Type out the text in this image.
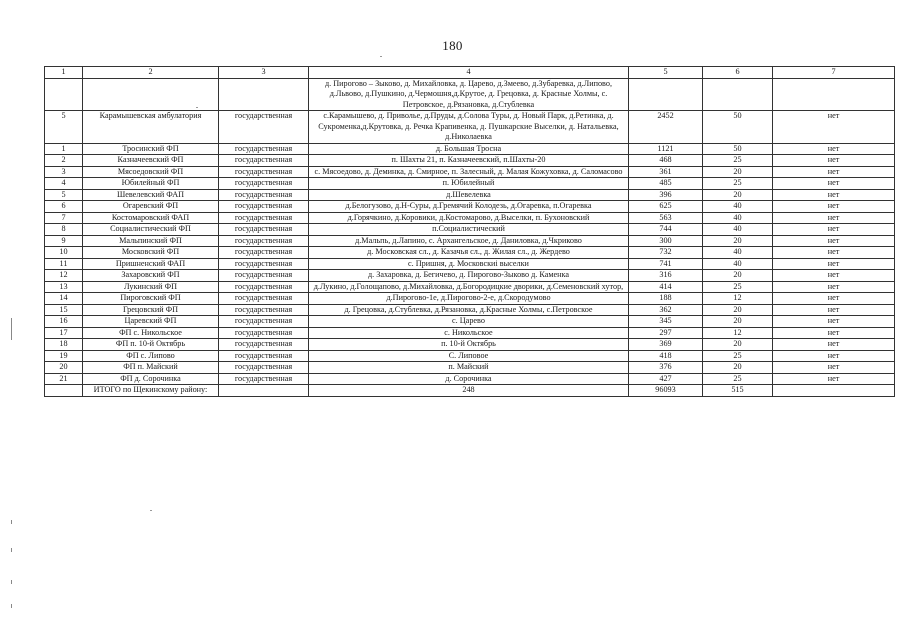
180
1	2	3	4	5	6	7
			д. Пирогово – Зыково, д. Михайловка, д. Царево, д.Змеево, д.Зубаревка, д.Липово, д.Львово, д.Пушкино, д.Чермошня,д.Крутое, д. Грецовка, д. Красные Холмы, с. Петровское, д.Рязановка, д.Стублевка			
5	Карамышевская амбулатория	государственная	с.Карамышево, д. Приволье, д.Пруды, д.Солова Туры, д. Новый Парк, д.Ретинка, д. Сукроменка,д.Крутовка, д. Речка Крапивенка, д. Пушкарские Выселки, д. Натальевка, д.Николаевка	2452	50	нет
1	Тросинский ФП	государственная	д. Большая Тросна	1121	50	нет
2	Казначеевский ФП	государственная	п. Шахты 21, п. Казначеевский, п.Шахты-20	468	25	нет
3	Мясоедовский ФП	государственная	с. Мясоедово, д. Деминка, д. Смирное, п. Залесный, д. Малая Кожуховка, д. Саломасово	361	20	нет
4	Юбилейный ФП	государственная	п. Юбилейный	485	25	нет
5	Шевелевский ФАП	государственная	д.Шевелевка	396	20	нет
6	Огаревский ФП	государственная	д.Белогузово, д.Н-Суры, д.Гремячий Колодезь, д.Огаревка, п.Огаревка	625	40	нет
7	Костомаровский ФАП	государственная	д.Горячкино, д.Коровики, д.Костомарово, д.Выселки, п. Бухоновский	563	40	нет
8	Социалистический ФП	государственная	п.Социалистический	744	40	нет
9	Мальпинский ФП	государственная	д.Мальпь, д.Лапино, с. Архангельское, д. Даниловка, д.Чкриково	300	20	нет
10	Московский ФП	государственная	д. Московская сл., д. Казачья сл., д. Жилая сл., д. Жердево	732	40	нет
11	Пришненский ФАП	государственная	с. Пришня, д. Московскиі выселки	741	40	нет
12	Захаровский ФП	государственная	д. Захаровка, д. Бегичево, д. Пирогово-Зыково д. Каменка	316	20	нет
13	Лукинский ФП	государственная	д.Лукино, д.Голощапово, д.Михайловка, д.Богородицкие дворики, д.Семеновский хутор,	414	25	нет
14	Пироговский ФП	государственная	д.Пирогово-1е, д.Пирогово-2-е, д.Скородумово	188	12	нет
15	Грецовский ФП	государственная	д. Грецовка, д.Стублевка, д.Рязановка, д.Красные Холмы, с.Петровское	362	20	нет
16	Царевский ФП	государственная	с. Царево	345	20	нет
17	ФП с. Никольское	государственная	с. Никольское	297	12	нет
18	ФП п. 10-й Октябрь	государственная	п. 10-й Октябрь	369	20	нет
19	ФП с. Липово	государственная	С. Липовое	418	25	нет
20	ФП п. Майский	государственная	п. Майский	376	20	нет
21	ФП д. Сорочинка	государственная	д. Сорочинка	427	25	нет
	ИТОГО по Щекинскому району:		248	96093	515	
